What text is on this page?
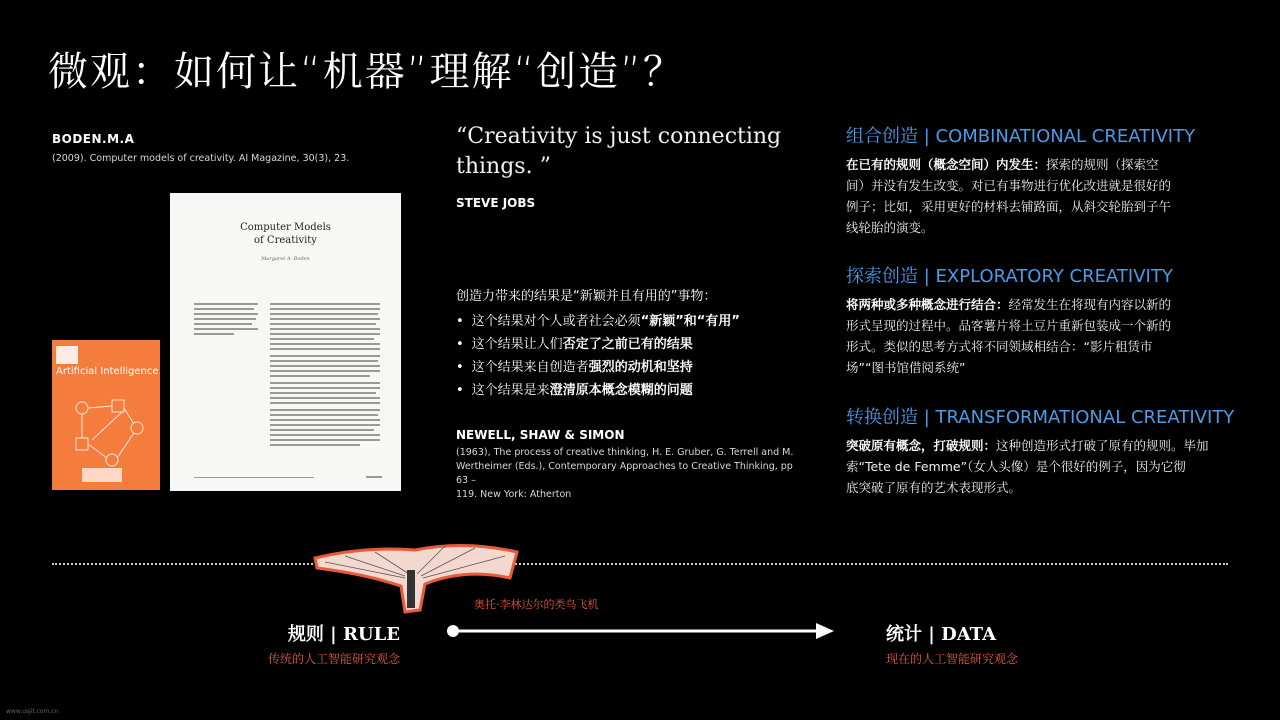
微观：如何让“机器”理解“创造”？
BODEN.M.A
(2009). Computer models of creativity. AI Magazine, 30(3), 23.
Artificial Intelligence
Computer Models
of Creativity
Margaret A. Boden
“Creativity is just connecting
things. ”
STEVE JOBS
创造力带来的结果是“新颖并且有用的”事物：
• 这个结果对个人或者社会必须“新颖”和“有用”
• 这个结果让人们否定了之前已有的结果
• 这个结果来自创造者强烈的动机和坚持
• 这个结果是来澄清原本概念模糊的问题
NEWELL, SHAW & SIMON
(1963), The process of creative thinking, H. E. Gruber, G. Terrell and M.
Wertheimer (Eds.), Contemporary Approaches to Creative Thinking, pp 63 –
119. New York: Atherton
组合创造 | COMBINATIONAL CREATIVITY
在已有的规则（概念空间）内发生：探索的规则（探索空
间）并没有发生改变。对已有事物进行优化改进就是很好的
例子；比如，采用更好的材料去铺路面，从斜交轮胎到子午
线轮胎的演变。
探索创造 | EXPLORATORY CREATIVITY
将两种或多种概念进行结合：经常发生在将现有内容以新的
形式呈现的过程中。品客薯片将土豆片重新包装成一个新的
形式。类似的思考方式将不同领域相结合：“影片租赁市
场”“图书馆借阅系统”
转换创造 | TRANSFORMATIONAL CREATIVITY
突破原有概念，打破规则：这种创造形式打破了原有的规则。毕加
索“Tete de Femme”（女人头像）是个很好的例子，因为它彻
底突破了原有的艺术表现形式。
奥托·李林达尔的类鸟飞机
规则 | RULE
传统的人工智能研究观念
统计 | DATA
现在的人工智能研究观念
www.usjit.com.cn
